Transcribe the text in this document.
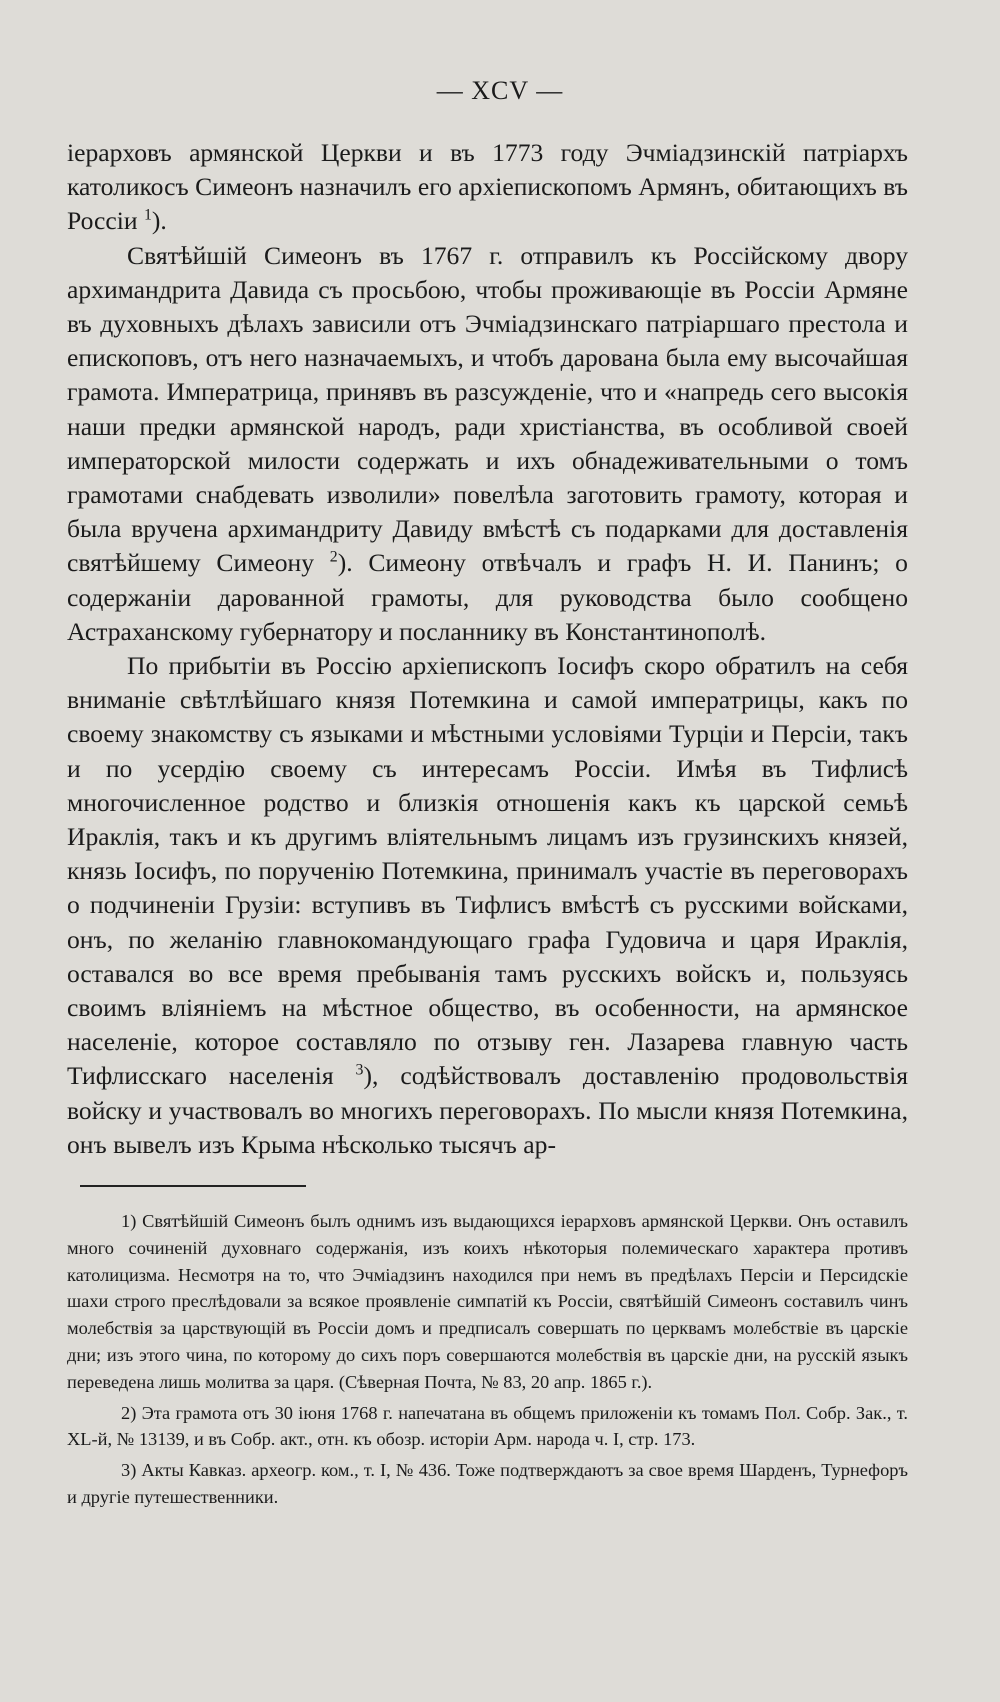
— XCV —

іерарховъ армянской Церкви и въ 1773 году Эчміадзинскій патріархъ католикосъ Симеонъ назначилъ его архіепископомъ Армянъ, обитающихъ въ Россіи $^1$).

Святѣйшій Симеонъ въ 1767 г. отправилъ къ Россійскому двору архимандрита Давида съ просьбою, чтобы проживающіе въ Россіи Армяне въ духовныхъ дѣлахъ зависили отъ Эчміадзинскаго патріаршаго престола и епископовъ, отъ него назначаемыхъ, и чтобъ дарована была ему высочайшая грамота. Императрица, принявъ въ разсужденіе, что и «напредь сего высокія наши предки армянской народъ, ради христіанства, въ особливой своей императорской милости содержать и ихъ обнадеживательными о томъ грамотами снабдевать изволили» повелѣла заготовить грамоту, которая и была вручена архимандриту Давиду вмѣстѣ съ подарками для доставленія святѣйшему Симеону $^2$). Симеону отвѣчалъ и графъ Н. И. Панинъ; о содержаніи дарованной грамоты, для руководства было сообщено Астраханскому губернатору и посланнику въ Константинополѣ.

По прибытіи въ Россію архіепископъ Іосифъ скоро обратилъ на себя вниманіе свѣтлѣйшаго князя Потемкина и самой императрицы, какъ по своему знакомству съ языками и мѣстными условіями Турціи и Персіи, такъ и по усердію своему съ интересамъ Россіи. Имѣя въ Тифлисѣ многочисленное родство и близкія отношенія какъ къ царской семьѣ Ираклія, такъ и къ другимъ вліятельнымъ лицамъ изъ грузинскихъ князей, князь Іосифъ, по порученію Потемкина, принималъ участіе въ переговорахъ о подчиненіи Грузіи: вступивъ въ Тифлисъ вмѣстѣ съ русскими войсками, онъ, по желанію главнокомандующаго графа Гудовича и царя Ираклія, оставался во все время пребыванія тамъ русскихъ войскъ и, пользуясь своимъ вліяніемъ на мѣстное общество, въ особенности, на армянское населеніе, которое составляло по отзыву ген. Лазарева главную часть Тифлисскаго населенія $^3$), содѣйствовалъ доставленію продовольствія войску и участвовалъ во многихъ переговорахъ. По мысли князя Потемкина, онъ вывелъ изъ Крыма нѣсколько тысячъ ар-

1) Святѣйшій Симеонъ былъ однимъ изъ выдающихся іерарховъ армянской Церкви. Онъ оставилъ много сочиненій духовнаго содержанія, изъ коихъ нѣкоторыя полемическаго характера противъ католицизма. Несмотря на то, что Эчміадзинъ находился при немъ въ предѣлахъ Персіи и Персидскіе шахи строго преслѣдовали за всякое проявленіе симпатій къ Россіи, святѣйшій Симеонъ составилъ чинъ молебствія за царствующій въ Россіи домъ и предписалъ совершать по церквамъ молебствіе въ царскіе дни; изъ этого чина, по которому до сихъ поръ совершаются молебствія въ царскіе дни, на русскій языкъ переведена лишь молитва за царя. (Сѣверная Почта, № 83, 20 апр. 1865 г.).

2) Эта грамота отъ 30 іюня 1768 г. напечатана въ общемъ приложеніи къ томамъ Пол. Собр. Зак., т. XL-й, № 13139, и въ Собр. акт., отн. къ обозр. исторіи Арм. народа ч. I, стр. 173.

3) Акты Кавказ. археогр. ком., т. I, № 436. Тоже подтверждаютъ за свое время Шарденъ, Турнефоръ и другіе путешественники.
